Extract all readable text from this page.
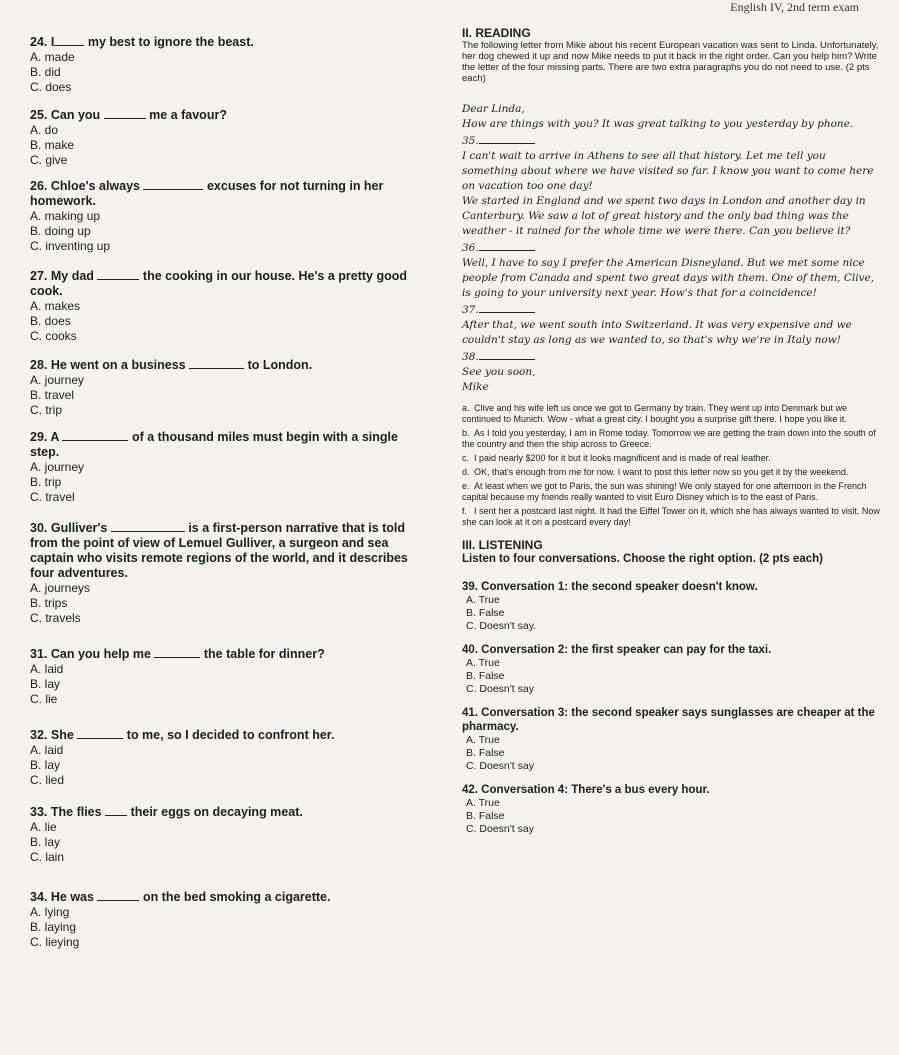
English IV, 2nd term exam

24. I	my best to ignore the beast.

A. made

B. did

C. does

25. Can you	me a favour?

A. do

B. make

C. give

26. Chloe's always	excuses for not turning in her homework.

A. making up

B. doing up

C. inventing up

27. My dad	the cooking in our house. He's a pretty good cook.

A. makes

B. does

C. cooks

28. He went on a business	to London.

A. journey

B. travel

C. trip

29. A	of a thousand miles must begin with a single step.

A. journey

B. trip

C. travel

30. Gulliver's	is a first-person narrative that is told from the point of view of Lemuel Gulliver, a surgeon and sea captain who visits remote regions of the world, and it describes four adventures.

A. journeys

B. trips

C. travels

31. Can you help me	the table for dinner?

A. laid

B. lay

C. lie

32. She	to me, so I decided to confront her.

A. laid

B. lay

C. lied

33. The flies their eggs on decaying meat.

A. lie

B. lay

C. lain

34. He was	on the bed smoking a cigarette.

A. lying

B. laying

C. lieying

II. READING

The following letter from Mike about his recent European vacation was sent to Linda. Unfortunately, her dog chewed it up and now Mike needs to put it back in the right order. Can you help him? Write the letter of the four missing parts. There are two extra paragraphs you do not need to use. (2 pts each)

Dear Linda,

How are things with you? It was great talking to you yesterday by phone.

35.

I can't wait to arrive in Athens to see all that history. Let me tell you something about where we have visited so far. I know you want to come here on vacation too one day!

We started in England and we spent two days in London and another day in Canterbury. We saw a lot of great history and the only bad thing was the weather - it rained for the whole time we were there. Can you believe it?

36.

Well, I have to say I prefer the American Disneyland. But we met some nice people from Canada and spent two great days with them. One of them, Clive, is going to your university next year. How's that for a coincidence!

37.

After that, we went south into Switzerland. It was very expensive and we couldn't stay as long as we wanted to, so that's why we're in Italy now!

38.

See you soon,

Mike

a. Clive and his wife left us once we got to Germany by train. They went up into Denmark but we continued to Munich. Wow - what a great city. I bought you a surprise gift there. I hope you like it.

b. As I told you yesterday, I am in Rome today. Tomorrow we are getting the train down into the south of the country and then the ship across to Greece.

c. I paid nearly $200 for it but it looks magnificent and is made of real leather.

d. OK, that's enough from me for now. I want to post this letter now so you get it by the weekend.

e. At least when we got to Paris, the sun was shining! We only stayed for one afternoon in the French capital because my friends really wanted to visit Euro Disney which is to the east of Paris.

f. I sent her a postcard last night. It had the Eiffel Tower on it, which she has always wanted to visit. Now she can look at it on a postcard every day!

III. LISTENING

Listen to four conversations. Choose the right option. (2 pts each)

39. Conversation 1: the second speaker doesn't know.

A. True

B. False

C. Doesn't say.

40. Conversation 2: the first speaker can pay for the taxi.

A. True

B. False

C. Doesn't say

41. Conversation 3: the second speaker says sunglasses are cheaper at the pharmacy.

A. True

B. False

C. Doesn't say

42. Conversation 4: There's a bus every hour.

A. True

B. False

C. Doesn't say
